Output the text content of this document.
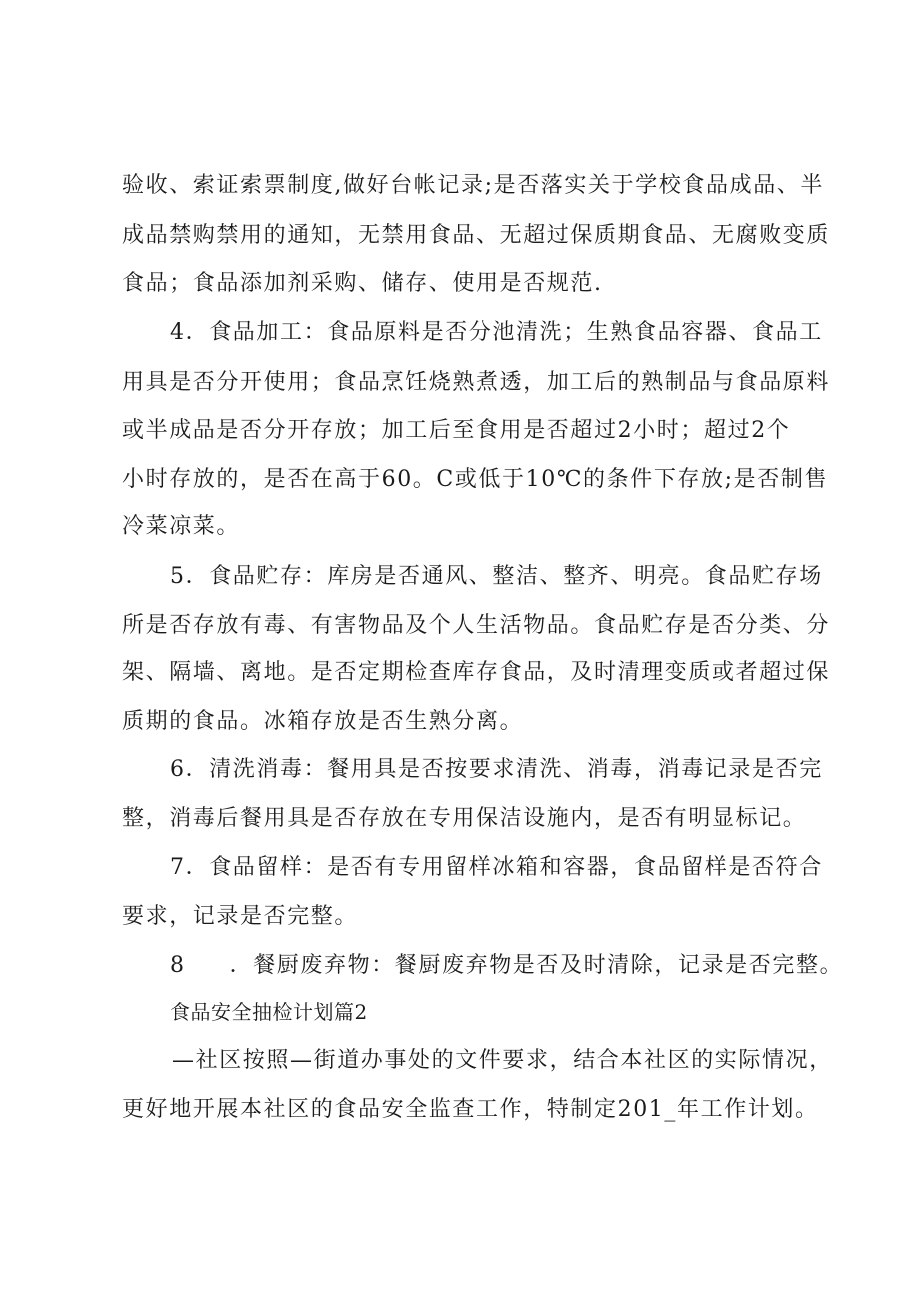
验收、索证索票制度,做好台帐记录;是否落实关于学校食品成品、半
成品禁购禁用的通知，无禁用食品、无超过保质期食品、无腐败变质
食品；食品添加剂采购、储存、使用是否规范.
4．食品加工：食品原料是否分池清洗；生熟食品容器、食品工
用具是否分开使用；食品烹饪烧熟煮透，加工后的熟制品与食品原料
或半成品是否分开存放；加工后至食用是否超过2小时；超过2个
小时存放的，是否在高于60。C或低于10℃的条件下存放;是否制售
冷菜凉菜。
5．食品贮存：库房是否通风、整洁、整齐、明亮。食品贮存场
所是否存放有毒、有害物品及个人生活物品。食品贮存是否分类、分
架、隔墙、离地。是否定期检查库存食品，及时清理变质或者超过保
质期的食品。冰箱存放是否生熟分离。
6．清洗消毒：餐用具是否按要求清洗、消毒，消毒记录是否完
整，消毒后餐用具是否存放在专用保洁设施内，是否有明显标记。
7．食品留样：是否有专用留样冰箱和容器，食品留样是否符合
要求，记录是否完整。
8 ．餐厨废弃物：餐厨废弃物是否及时清除，记录是否完整。
食品安全抽检计划篇2
—社区按照—街道办事处的文件要求，结合本社区的实际情况，
更好地开展本社区的食品安全监查工作，特制定201_年工作计划。
